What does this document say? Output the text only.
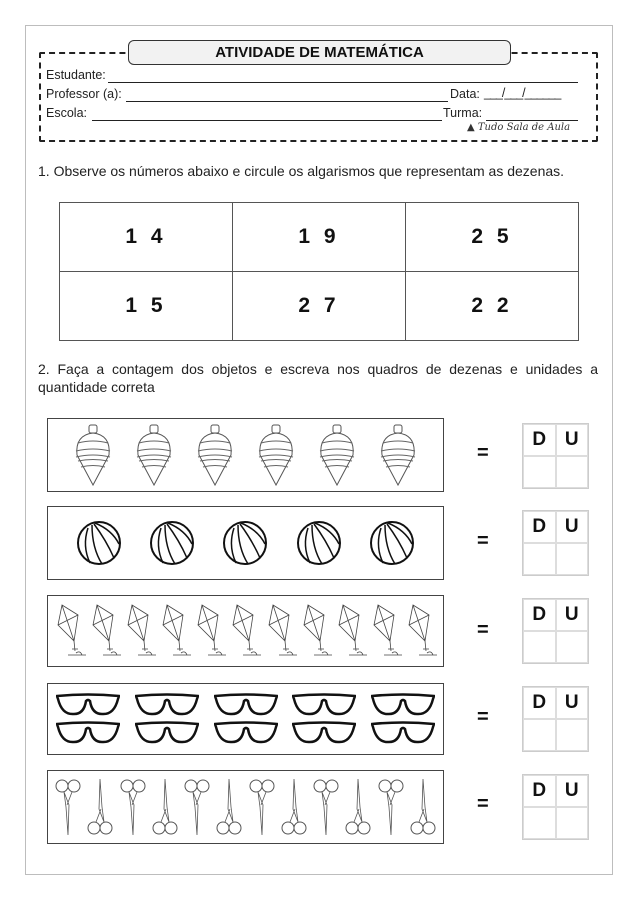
ATIVIDADE DE MATEMÁTICA
Estudante:
Professor (a):	Data: ___/___/______
Escola:	Turma:
▲ Tudo Sala de Aula
1. Observe os números abaixo e circule os algarismos que representam as dezenas.
1 4	1 9	2 5
1 5	2 7	2 2
2. Faça a contagem dos objetos e escreva nos quadros de dezenas e unidades a quantidade correta
=
D U
=
D U
=
D U
=
D U
=
D U
